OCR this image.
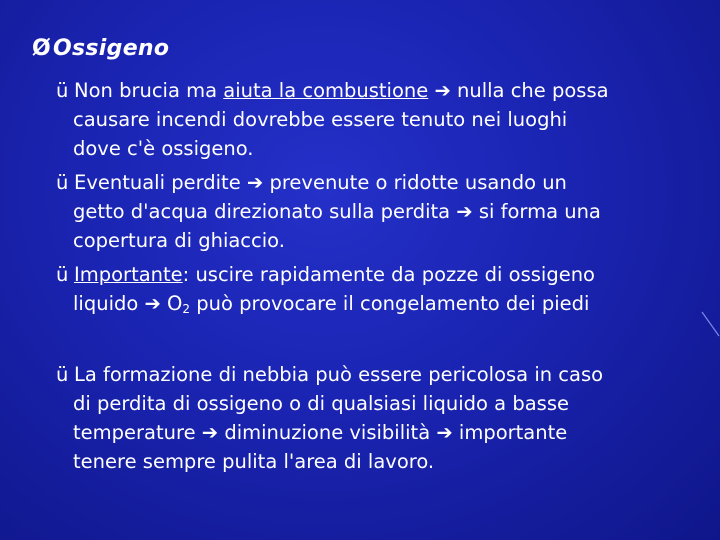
ØOssigeno
ü Non brucia ma aiuta la combustione ➔ nulla che possa
causare incendi dovrebbe essere tenuto nei luoghi
dove c'è ossigeno.
ü Eventuali perdite ➔ prevenute o ridotte usando un
getto d'acqua direzionato sulla perdita ➔ si forma una
copertura di ghiaccio.
ü Importante: uscire rapidamente da pozze di ossigeno
liquido ➔ $O_2$ può provocare il congelamento dei piedi
ü La formazione di nebbia può essere pericolosa in caso
di perdita di ossigeno o di qualsiasi liquido a basse
temperature ➔ diminuzione visibilità ➔ importante
tenere sempre pulita l'area di lavoro.
